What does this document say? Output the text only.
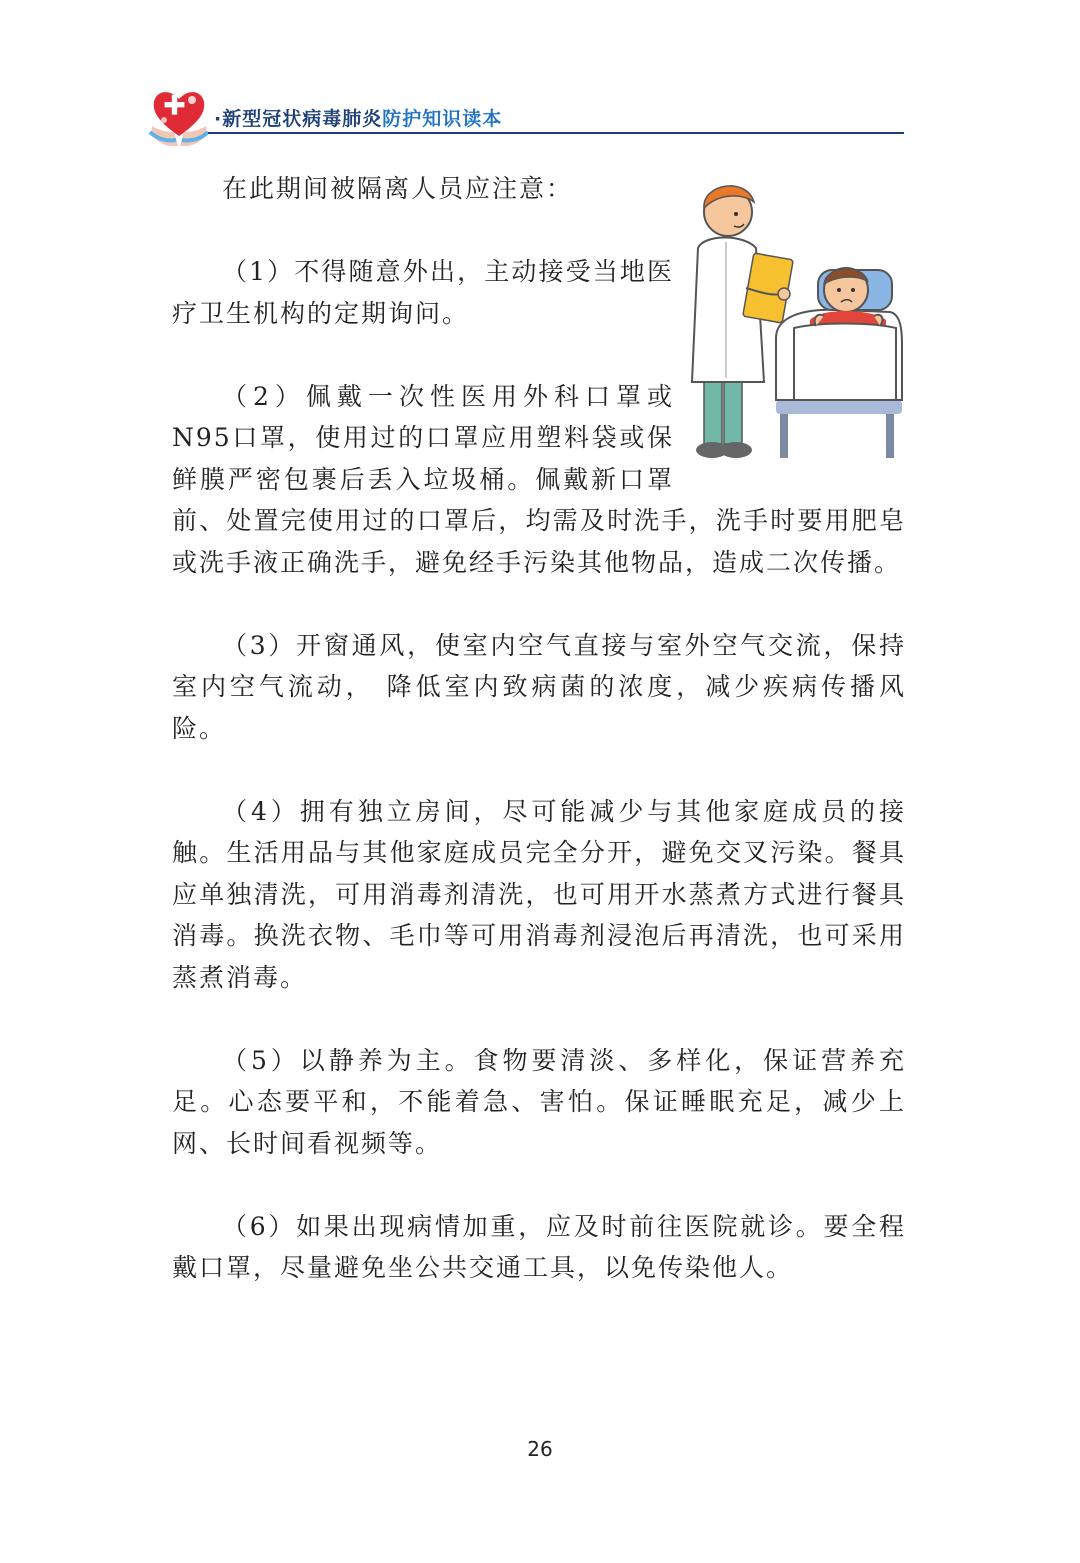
·新型冠状病毒肺炎防护知识读本

在此期间被隔离人员应注意：

（1）不得随意外出，主动接受当地医疗卫生机构的定期询问。

（2）佩戴一次性医用外科口罩或N95口罩，使用过的口罩应用塑料袋或保鲜膜严密包裹后丢入垃圾桶。佩戴新口罩前、处置完使用过的口罩后，均需及时洗手，洗手时要用肥皂或洗手液正确洗手，避免经手污染其他物品，造成二次传播。

（3）开窗通风，使室内空气直接与室外空气交流，保持室内空气流动， 降低室内致病菌的浓度，减少疾病传播风险。

（4）拥有独立房间，尽可能减少与其他家庭成员的接触。生活用品与其他家庭成员完全分开，避免交叉污染。餐具应单独清洗，可用消毒剂清洗，也可用开水蒸煮方式进行餐具消毒。换洗衣物、毛巾等可用消毒剂浸泡后再清洗，也可采用蒸煮消毒。

（5）以静养为主。食物要清淡、多样化，保证营养充足。心态要平和，不能着急、害怕。保证睡眠充足，减少上网、长时间看视频等。

（6）如果出现病情加重，应及时前往医院就诊。要全程戴口罩，尽量避免坐公共交通工具，以免传染他人。

26
